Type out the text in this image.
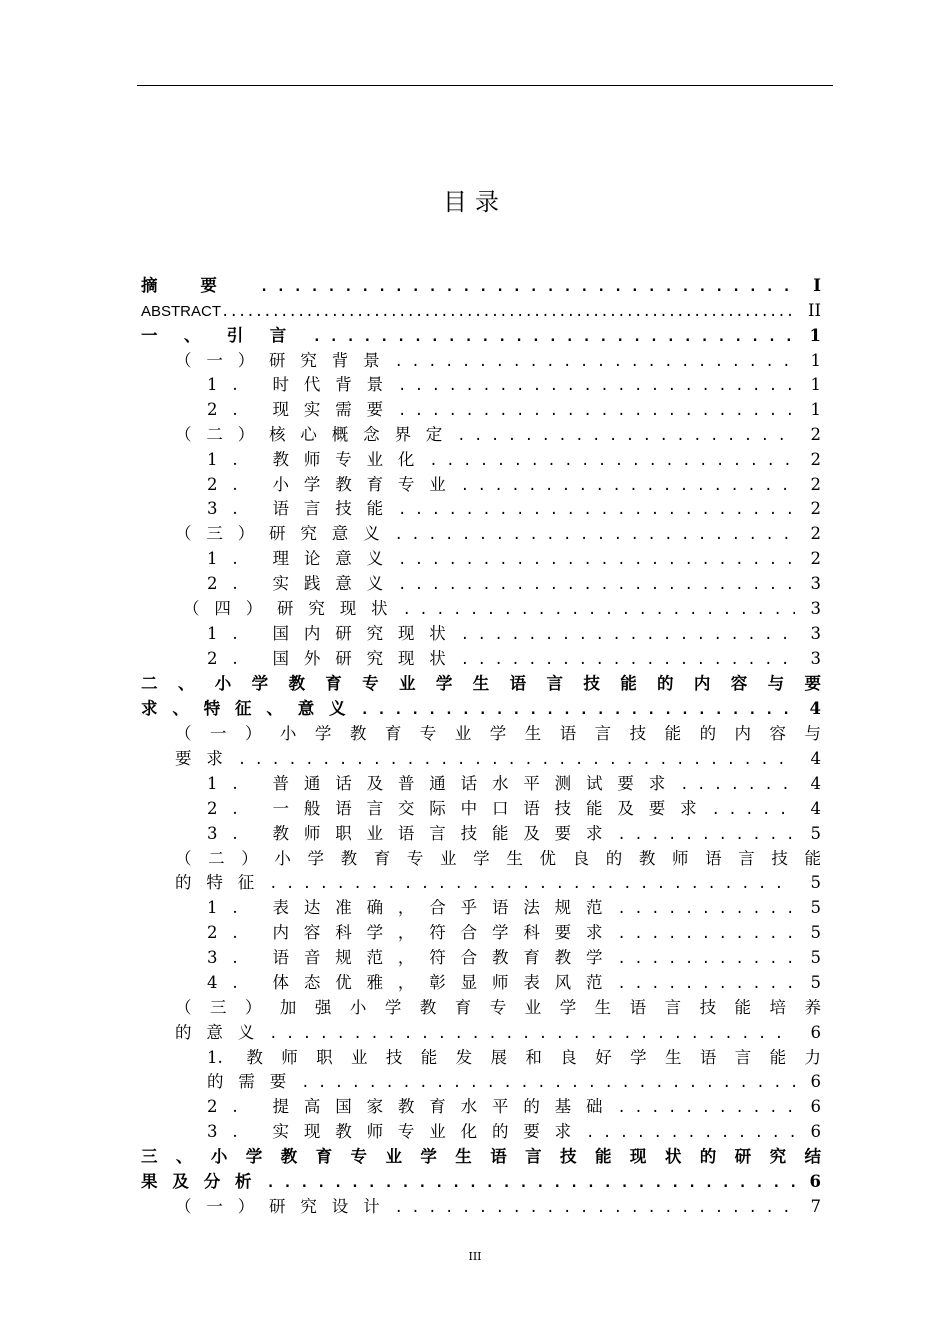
目录
摘要 . . .	I
ABSTRACT .....	II
一、引言 . . .	1
（一）研究背景 . . .	1
1. 时代背景 . . .	1
2. 现实需要 . . .	1
（二）核心概念界定 . . .	2
1. 教师专业化 . . .	2
2. 小学教育专业 . . .	2
3. 语言技能 . . .	2
（三）研究意义 . . .	2
1. 理论意义 . . .	2
2. 实践意义 . . .	3
（四）研究现状 . . .	3
1. 国内研究现状 . . .	3
2. 国外研究现状 . . .	3
二、小学教育专业学生语言技能的内容与要
求、特征、意义 . . .	4
（一）小学教育专业学生语言技能的内容与
要求 . . .	4
1. 普通话及普通话水平测试要求 . . .	4
2. 一般语言交际中口语技能及要求 . . .	4
3. 教师职业语言技能及要求 . . .	5
（二）小学教育专业学生优良的教师语言技能
的特征 . . .	5
1. 表达准确，合乎语法规范 . . .	5
2. 内容科学，符合学科要求 . . .	5
3. 语音规范，符合教育教学 . . .	5
4. 体态优雅，彰显师表风范 . . .	5
（三）加强小学教育专业学生语言技能培养
的意义 . . .	6
1. 教师职业技能发展和良好学生语言能力
的需要 . . .	6
2. 提高国家教育水平的基础 . . .	6
3. 实现教师专业化的要求 . . .	6
三、小学教育专业学生语言技能现状的研究结
果及分析 . . .	6
（一）研究设计 . . .	7
III
